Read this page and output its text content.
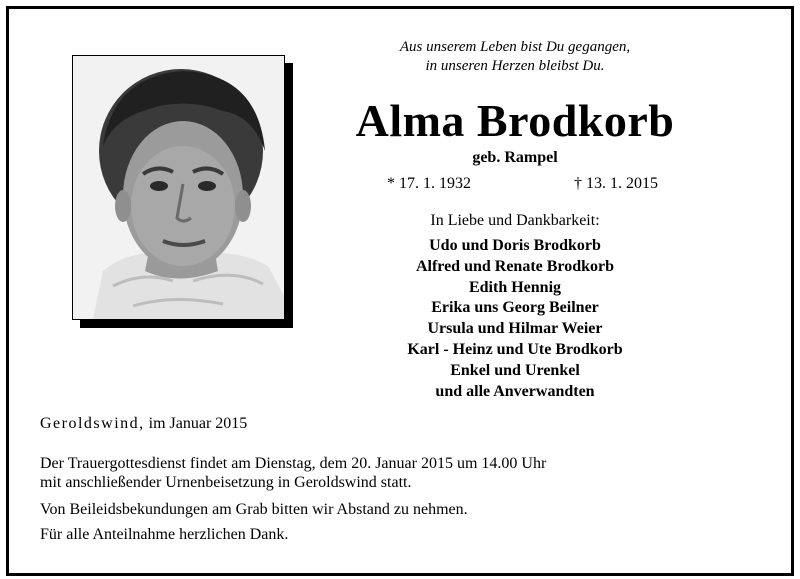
Aus unserem Leben bist Du gegangen,
in unseren Herzen bleibst Du.
Alma Brodkorb
geb. Rampel
* 17. 1. 1932	† 13. 1. 2015
In Liebe und Dankbarkeit:
Udo und Doris Brodkorb
Alfred und Renate Brodkorb
Edith Hennig
Erika uns Georg Beilner
Ursula und Hilmar Weier
Karl - Heinz und Ute Brodkorb
Enkel und Urenkel
und alle Anverwandten
Geroldswind, im Januar 2015
Der Trauergottesdienst findet am Dienstag, dem 20. Januar 2015 um 14.00 Uhr
mit anschließender Urnenbeisetzung in Geroldswind statt.
Von Beileidsbekundungen am Grab bitten wir Abstand zu nehmen.
Für alle Anteilnahme herzlichen Dank.
